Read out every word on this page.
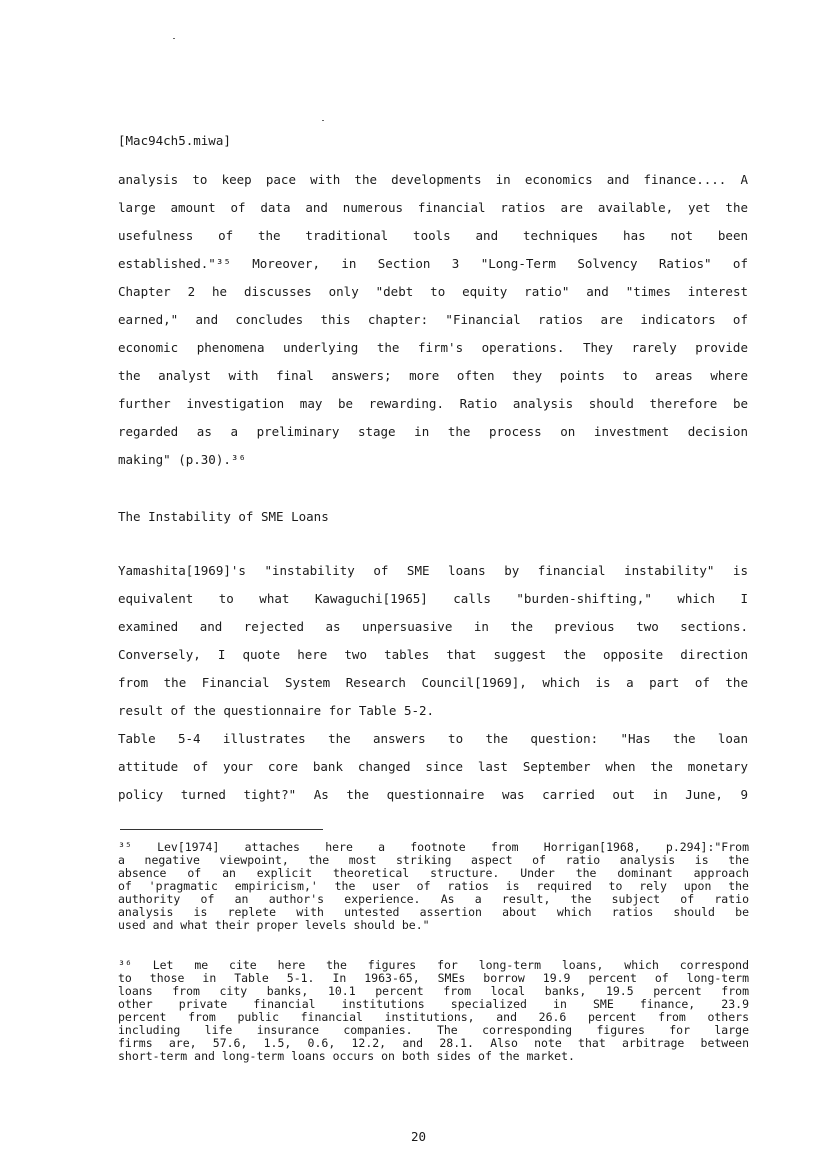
[Mac94ch5.miwa]
analysis to keep pace with the developments in economics and finance.... A
large amount of data and numerous financial ratios are available, yet the
usefulness of the traditional tools and techniques has not been
established."³⁵ Moreover, in Section 3 "Long-Term Solvency Ratios" of
Chapter 2 he discusses only "debt to equity ratio" and "times interest
earned," and concludes this chapter: "Financial ratios are indicators of
economic phenomena underlying the firm's operations. They rarely provide
the analyst with final answers; more often they points to areas where
further investigation may be rewarding. Ratio analysis should therefore be
regarded as a preliminary stage in the process on investment decision
making" (p.30).³⁶
The Instability of SME Loans
Yamashita[1969]'s "instability of SME loans by financial instability" is
equivalent to what Kawaguchi[1965] calls "burden-shifting," which I
examined and rejected as unpersuasive in the previous two sections.
Conversely, I quote here two tables that suggest the opposite direction
from the Financial System Research Council[1969], which is a part of the
result of the questionnaire for Table 5-2.
Table 5-4 illustrates the answers to the question: "Has the loan
attitude of your core bank changed since last September when the monetary
policy turned tight?" As the questionnaire was carried out in June, 9
³⁵ Lev[1974] attaches here a footnote from Horrigan[1968, p.294]:"From
a negative viewpoint, the most striking aspect of ratio analysis is the
absence of an explicit theoretical structure. Under the dominant approach
of 'pragmatic empiricism,' the user of ratios is required to rely upon the
authority of an author's experience. As a result, the subject of ratio
analysis is replete with untested assertion about which ratios should be
used and what their proper levels should be."
³⁶ Let me cite here the figures for long-term loans, which correspond
to those in Table 5-1. In 1963-65, SMEs borrow 19.9 percent of long-term
loans from city banks, 10.1 percent from local banks, 19.5 percent from
other private financial institutions specialized in SME finance, 23.9
percent from public financial institutions, and 26.6 percent from others
including life insurance companies. The corresponding figures for large
firms are, 57.6, 1.5, 0.6, 12.2, and 28.1. Also note that arbitrage between
short-term and long-term loans occurs on both sides of the market.
20
